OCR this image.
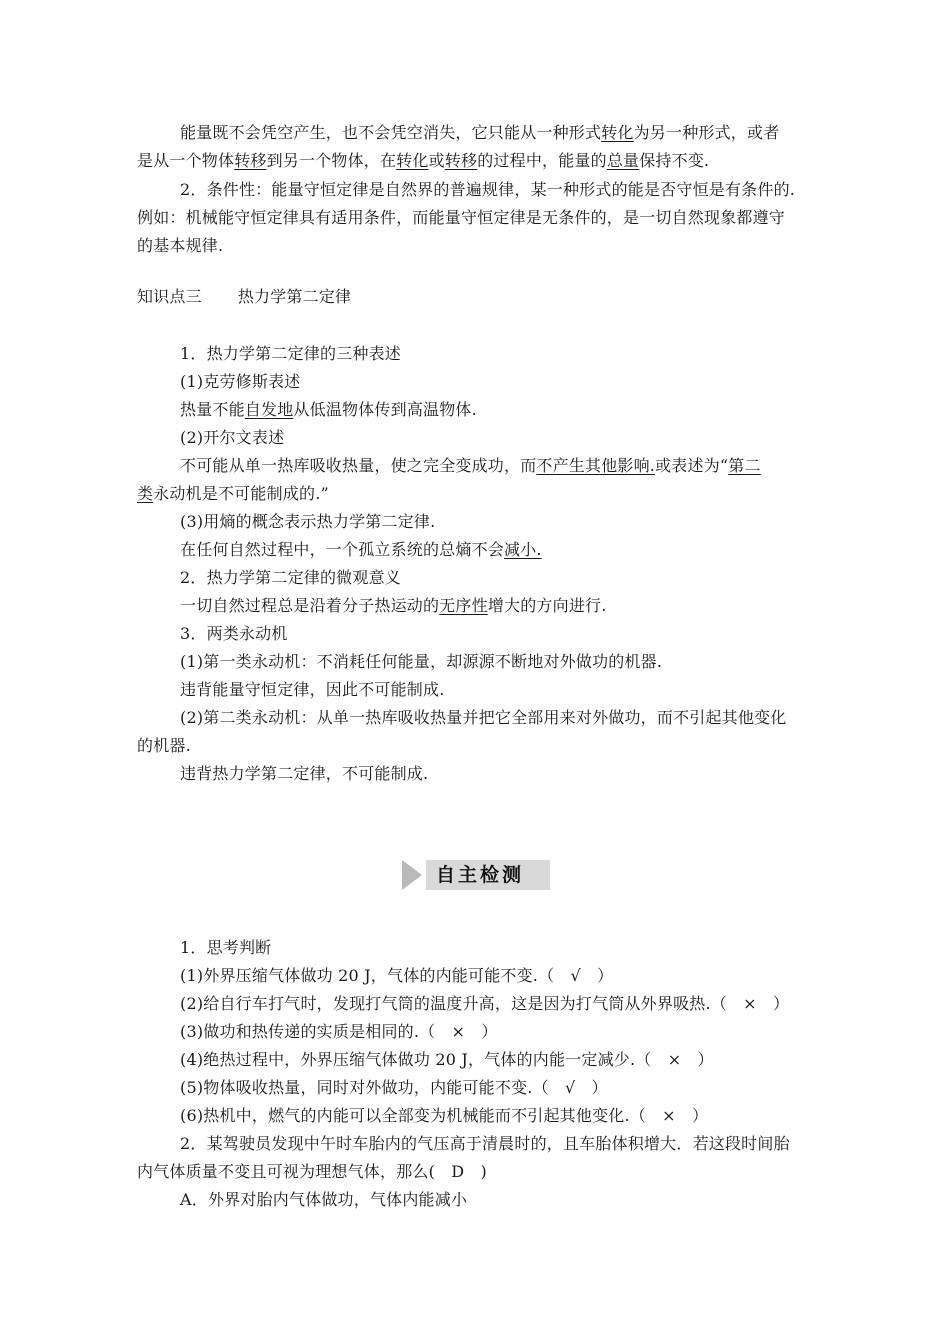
能量既不会凭空产生，也不会凭空消失，它只能从一种形式转化为另一种形式，或者
是从一个物体转移到另一个物体，在转化或转移的过程中，能量的总量保持不变.
2．条件性：能量守恒定律是自然界的普遍规律，某一种形式的能是否守恒是有条件的.
例如：机械能守恒定律具有适用条件，而能量守恒定律是无条件的，是一切自然现象都遵守
的基本规律.
知识点三 热力学第二定律
1．热力学第二定律的三种表述
(1)克劳修斯表述
热量不能自发地从低温物体传到高温物体.
(2)开尔文表述
不可能从单一热库吸收热量，使之完全变成功，而不产生其他影响.或表述为“第二
类永动机是不可能制成的.”
(3)用熵的概念表示热力学第二定律.
在任何自然过程中，一个孤立系统的总熵不会减小.
2．热力学第二定律的微观意义
一切自然过程总是沿着分子热运动的无序性增大的方向进行.
3．两类永动机
(1)第一类永动机：不消耗任何能量，却源源不断地对外做功的机器.
违背能量守恒定律，因此不可能制成.
(2)第二类永动机：从单一热库吸收热量并把它全部用来对外做功，而不引起其他变化
的机器.
违背热力学第二定律，不可能制成.
自主检测
1．思考判断
(1)外界压缩气体做功 20 J，气体的内能可能不变.（　√　）
(2)给自行车打气时，发现打气筒的温度升高，这是因为打气筒从外界吸热.（　×　）
(3)做功和热传递的实质是相同的.（　×　）
(4)绝热过程中，外界压缩气体做功 20 J，气体的内能一定减少.（　×　）
(5)物体吸收热量，同时对外做功，内能可能不变.（　√　）
(6)热机中，燃气的内能可以全部变为机械能而不引起其他变化.（　×　）
2．某驾驶员发现中午时车胎内的气压高于清晨时的，且车胎体积增大．若这段时间胎
内气体质量不变且可视为理想气体，那么(　D　)
A．外界对胎内气体做功，气体内能减小
